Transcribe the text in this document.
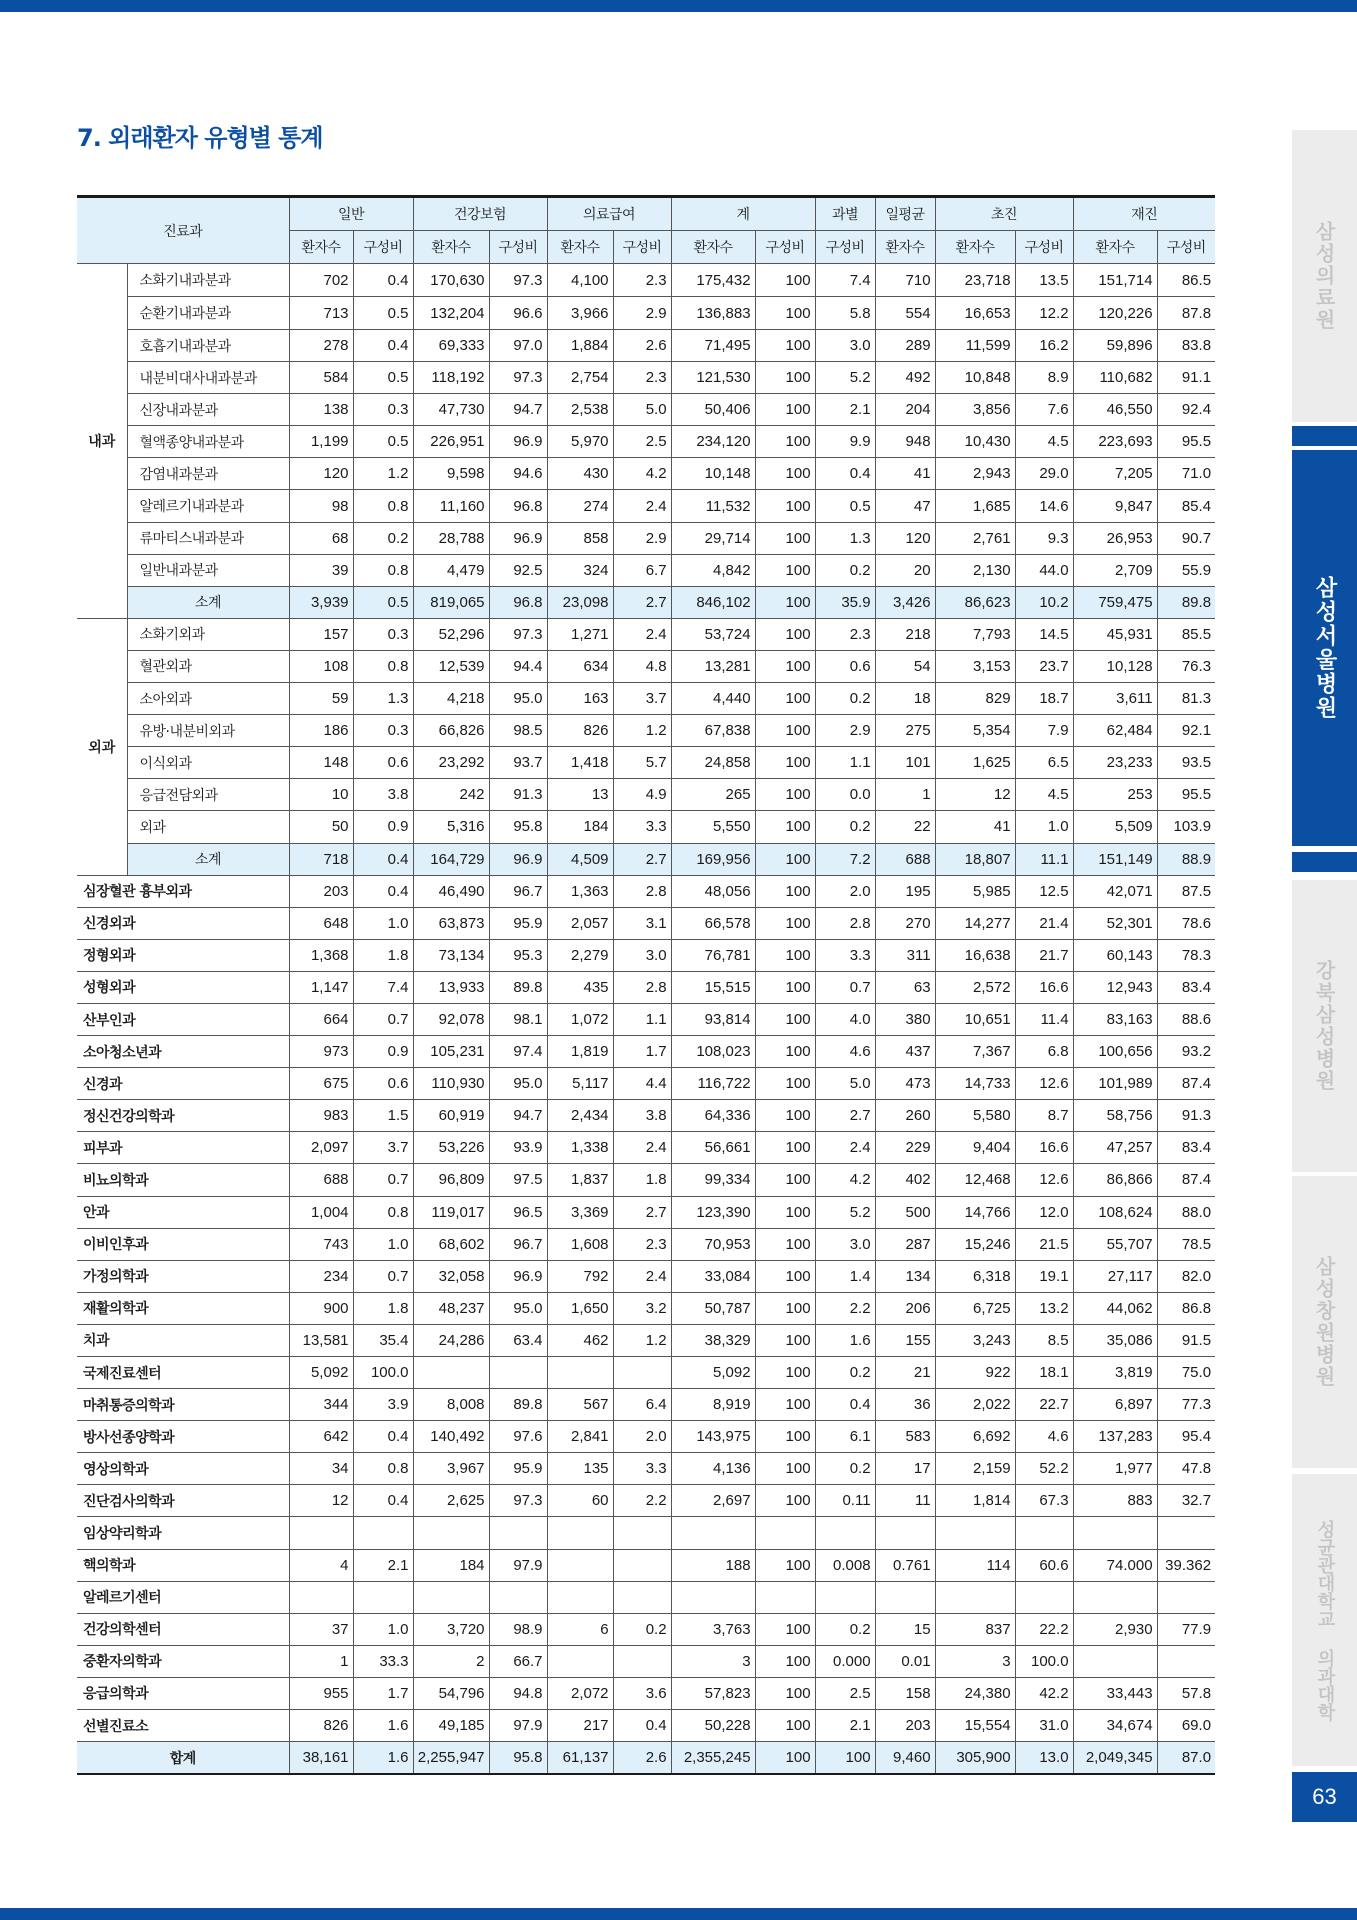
7. 외래환자 유형별 통계
진료과		일반		건강보험		의료급여		계		과별	일평균	초진		재진	
		환자수	구성비	환자수	구성비	환자수	구성비	환자수	구성비	구성비	환자수	환자수	구성비	환자수	구성비
내과	소화기내과분과	702	0.4	170,630	97.3	4,100	2.3	175,432	100	7.4	710	23,718	13.5	151,714	86.5
	순환기내과분과	713	0.5	132,204	96.6	3,966	2.9	136,883	100	5.8	554	16,653	12.2	120,226	87.8
	호흡기내과분과	278	0.4	69,333	97.0	1,884	2.6	71,495	100	3.0	289	11,599	16.2	59,896	83.8
	내분비대사내과분과	584	0.5	118,192	97.3	2,754	2.3	121,530	100	5.2	492	10,848	8.9	110,682	91.1
	신장내과분과	138	0.3	47,730	94.7	2,538	5.0	50,406	100	2.1	204	3,856	7.6	46,550	92.4
	혈액종양내과분과	1,199	0.5	226,951	96.9	5,970	2.5	234,120	100	9.9	948	10,430	4.5	223,693	95.5
	감염내과분과	120	1.2	9,598	94.6	430	4.2	10,148	100	0.4	41	2,943	29.0	7,205	71.0
	알레르기내과분과	98	0.8	11,160	96.8	274	2.4	11,532	100	0.5	47	1,685	14.6	9,847	85.4
	류마티스내과분과	68	0.2	28,788	96.9	858	2.9	29,714	100	1.3	120	2,761	9.3	26,953	90.7
	일반내과분과	39	0.8	4,479	92.5	324	6.7	4,842	100	0.2	20	2,130	44.0	2,709	55.9
	소계	3,939	0.5	819,065	96.8	23,098	2.7	846,102	100	35.9	3,426	86,623	10.2	759,475	89.8
외과	소화기외과	157	0.3	52,296	97.3	1,271	2.4	53,724	100	2.3	218	7,793	14.5	45,931	85.5
	혈관외과	108	0.8	12,539	94.4	634	4.8	13,281	100	0.6	54	3,153	23.7	10,128	76.3
	소아외과	59	1.3	4,218	95.0	163	3.7	4,440	100	0.2	18	829	18.7	3,611	81.3
	유방·내분비외과	186	0.3	66,826	98.5	826	1.2	67,838	100	2.9	275	5,354	7.9	62,484	92.1
	이식외과	148	0.6	23,292	93.7	1,418	5.7	24,858	100	1.1	101	1,625	6.5	23,233	93.5
	응급전담외과	10	3.8	242	91.3	13	4.9	265	100	0.0	1	12	4.5	253	95.5
	외과	50	0.9	5,316	95.8	184	3.3	5,550	100	0.2	22	41	1.0	5,509	103.9
	소계	718	0.4	164,729	96.9	4,509	2.7	169,956	100	7.2	688	18,807	11.1	151,149	88.9
심장혈관 흉부외과		203	0.4	46,490	96.7	1,363	2.8	48,056	100	2.0	195	5,985	12.5	42,071	87.5
신경외과		648	1.0	63,873	95.9	2,057	3.1	66,578	100	2.8	270	14,277	21.4	52,301	78.6
정형외과		1,368	1.8	73,134	95.3	2,279	3.0	76,781	100	3.3	311	16,638	21.7	60,143	78.3
성형외과		1,147	7.4	13,933	89.8	435	2.8	15,515	100	0.7	63	2,572	16.6	12,943	83.4
산부인과		664	0.7	92,078	98.1	1,072	1.1	93,814	100	4.0	380	10,651	11.4	83,163	88.6
소아청소년과		973	0.9	105,231	97.4	1,819	1.7	108,023	100	4.6	437	7,367	6.8	100,656	93.2
신경과		675	0.6	110,930	95.0	5,117	4.4	116,722	100	5.0	473	14,733	12.6	101,989	87.4
정신건강의학과		983	1.5	60,919	94.7	2,434	3.8	64,336	100	2.7	260	5,580	8.7	58,756	91.3
피부과		2,097	3.7	53,226	93.9	1,338	2.4	56,661	100	2.4	229	9,404	16.6	47,257	83.4
비뇨의학과		688	0.7	96,809	97.5	1,837	1.8	99,334	100	4.2	402	12,468	12.6	86,866	87.4
안과		1,004	0.8	119,017	96.5	3,369	2.7	123,390	100	5.2	500	14,766	12.0	108,624	88.0
이비인후과		743	1.0	68,602	96.7	1,608	2.3	70,953	100	3.0	287	15,246	21.5	55,707	78.5
가정의학과		234	0.7	32,058	96.9	792	2.4	33,084	100	1.4	134	6,318	19.1	27,117	82.0
재활의학과		900	1.8	48,237	95.0	1,650	3.2	50,787	100	2.2	206	6,725	13.2	44,062	86.8
치과		13,581	35.4	24,286	63.4	462	1.2	38,329	100	1.6	155	3,243	8.5	35,086	91.5
국제진료센터		5,092	100.0					5,092	100	0.2	21	922	18.1	3,819	75.0
마취통증의학과		344	3.9	8,008	89.8	567	6.4	8,919	100	0.4	36	2,022	22.7	6,897	77.3
방사선종양학과		642	0.4	140,492	97.6	2,841	2.0	143,975	100	6.1	583	6,692	4.6	137,283	95.4
영상의학과		34	0.8	3,967	95.9	135	3.3	4,136	100	0.2	17	2,159	52.2	1,977	47.8
진단검사의학과		12	0.4	2,625	97.3	60	2.2	2,697	100	0.11	11	1,814	67.3	883	32.7
임상약리학과															
핵의학과		4	2.1	184	97.9			188	100	0.008	0.761	114	60.6	74.000	39.362
알레르기센터															
건강의학센터		37	1.0	3,720	98.9	6	0.2	3,763	100	0.2	15	837	22.2	2,930	77.9
중환자의학과		1	33.3	2	66.7			3	100	0.000	0.01	3	100.0		
응급의학과		955	1.7	54,796	94.8	2,072	3.6	57,823	100	2.5	158	24,380	42.2	33,443	57.8
선별진료소		826	1.6	49,185	97.9	217	0.4	50,228	100	2.1	203	15,554	31.0	34,674	69.0
합계		38,161	1.6	2,255,947	95.8	61,137	2.6	2,355,245	100	100	9,460	305,900	13.0	2,049,345	87.0
삼성의료원
삼성서울병원
강북삼성병원
삼성창원병원
성균관대학교 의과대학
63
